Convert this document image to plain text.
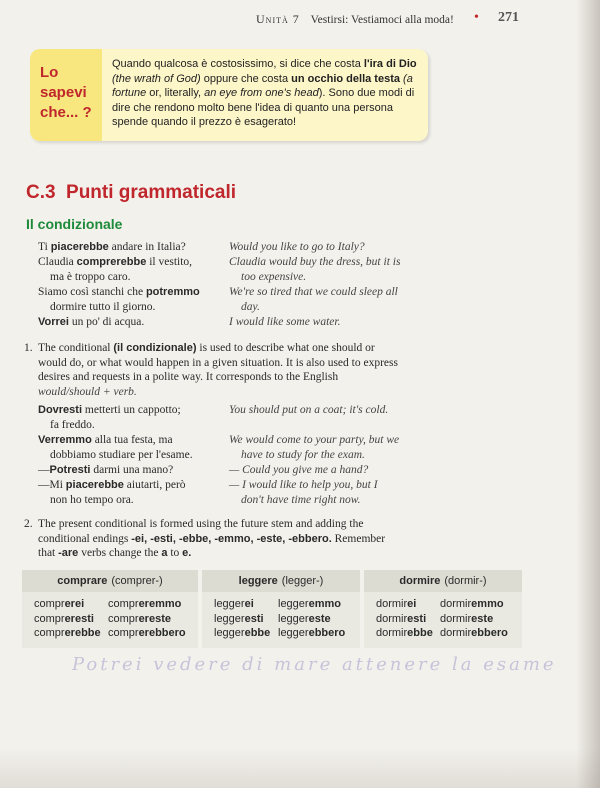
Unità 7 Vestirsi: Vestiamoci alla moda! • 271
Lo sapevi che... ?
Quando qualcosa è costosissimo, si dice che costa l'ira di Dio (the wrath of God) oppure che costa un occhio della testa (a fortune or, literally, an eye from one's head). Sono due modi di dire che rendono molto bene l'idea di quanto una persona spende quando il prezzo è esagerato!
C.3 Punti grammaticali
Il condizionale
Ti piacerebbe andare in Italia?
Claudia comprerebbe il vestito,
ma è troppo caro.
Siamo così stanchi che potremmo
dormire tutto il giorno.
Vorrei un po' di acqua.
Would you like to go to Italy?
Claudia would buy the dress, but it is
too expensive.
We're so tired that we could sleep all
day.
I would like some water.
1. The conditional (il condizionale) is used to describe what one should or would do, or what would happen in a given situation. It is also used to express desires and requests in a polite way. It corresponds to the English would/should + verb.
Dovresti metterti un cappotto;
fa freddo.
Verremmo alla tua festa, ma
dobbiamo studiare per l'esame.
—Potresti darmi una mano?
—Mi piacerebbe aiutarti, però
non ho tempo ora.
You should put on a coat; it's cold.

We would come to your party, but we
have to study for the exam.
— Could you give me a hand?
— I would like to help you, but I
don't have time right now.
2. The present conditional is formed using the future stem and adding the conditional endings -ei, -esti, -ebbe, -emmo, -este, -ebbero. Remember that -are verbs change the a to e.
comprare (comprer-)
comprerei
compreresti
comprerebbe
compreremmo
comprereste
comprerebbero
leggere (legger-)
leggerei
leggeresti
leggerebbe
leggeremmo
leggereste
leggerebbero
dormire (dormir-)
dormirei
dormiresti
dormirebbe
dormiremmo
dormireste
dormirebbero
Potrei vedere di mare attenere la esame
